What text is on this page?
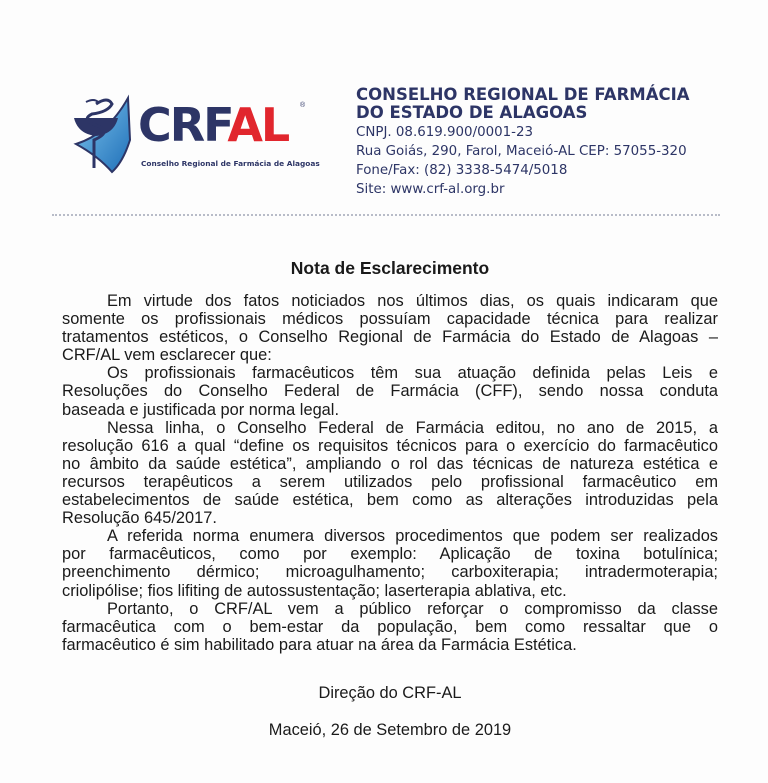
CRFAL ®
Conselho Regional de Farmácia de Alagoas
CONSELHO REGIONAL DE FARMÁCIA
DO ESTADO DE ALAGOAS
CNPJ. 08.619.900/0001-23
Rua Goiás, 290, Farol, Maceió-AL CEP: 57055-320
Fone/Fax: (82) 3338-5474/5018
Site: www.crf-al.org.br
Nota de Esclarecimento
Em virtude dos fatos noticiados nos últimos dias, os quais indicaram que
somente os profissionais médicos possuíam capacidade técnica para realizar
tratamentos estéticos, o Conselho Regional de Farmácia do Estado de Alagoas –
CRF/AL vem esclarecer que:
Os profissionais farmacêuticos têm sua atuação definida pelas Leis e
Resoluções do Conselho Federal de Farmácia (CFF), sendo nossa conduta
baseada e justificada por norma legal.
Nessa linha, o Conselho Federal de Farmácia editou, no ano de 2015, a
resolução 616 a qual “define os requisitos técnicos para o exercício do farmacêutico
no âmbito da saúde estética”, ampliando o rol das técnicas de natureza estética e
recursos terapêuticos a serem utilizados pelo profissional farmacêutico em
estabelecimentos de saúde estética, bem como as alterações introduzidas pela
Resolução 645/2017.
A referida norma enumera diversos procedimentos que podem ser realizados
por farmacêuticos, como por exemplo: Aplicação de toxina botulínica;
preenchimento dérmico; microagulhamento; carboxiterapia; intradermoterapia;
criolipólise; fios lifiting de autossustentação; laserterapia ablativa, etc.
Portanto, o CRF/AL vem a público reforçar o compromisso da classe
farmacêutica com o bem-estar da população, bem como ressaltar que o
farmacêutico é sim habilitado para atuar na área da Farmácia Estética.
Direção do CRF-AL
Maceió, 26 de Setembro de 2019
